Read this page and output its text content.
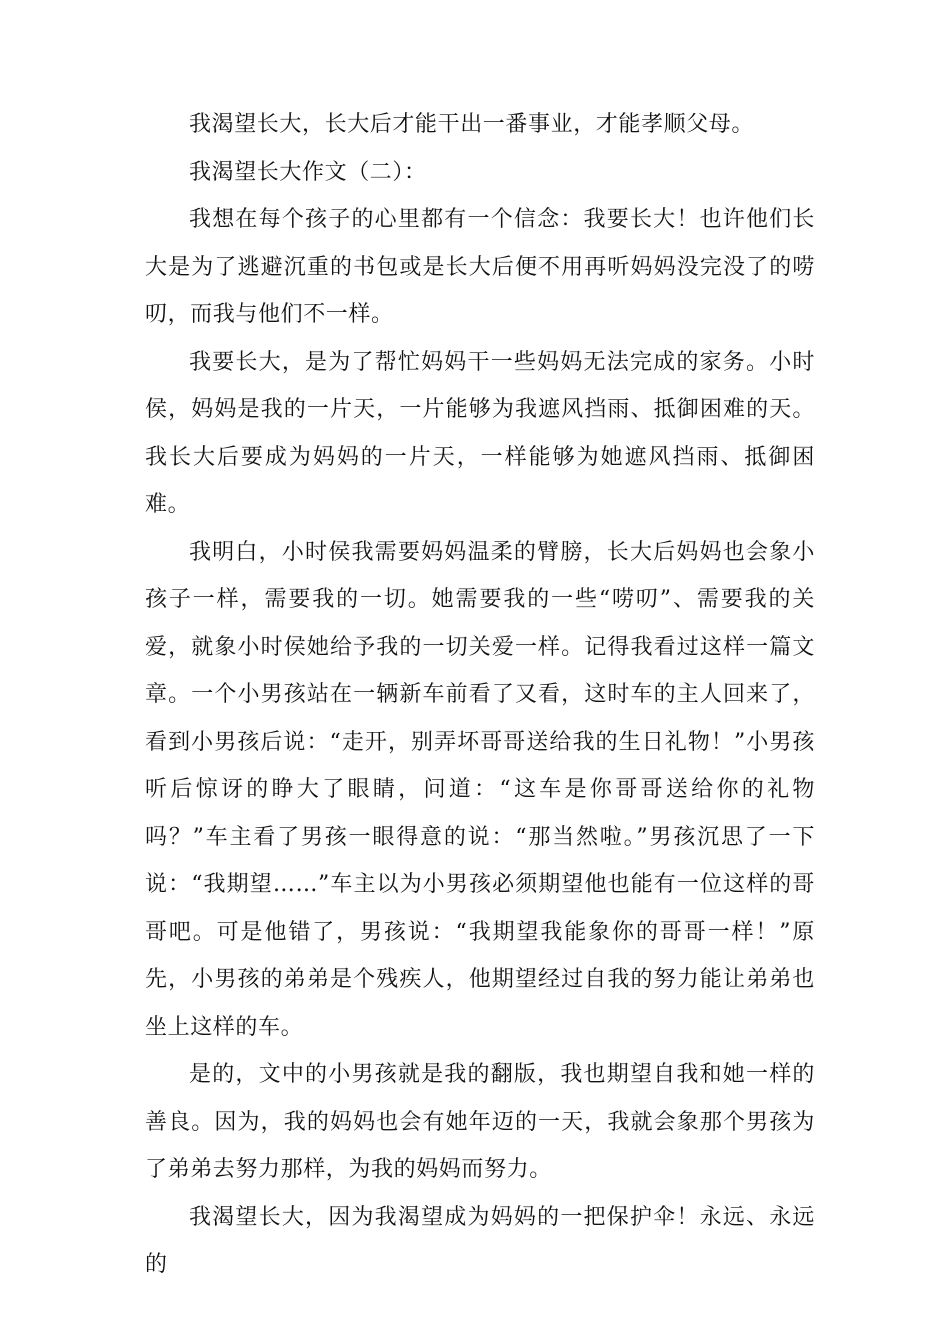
我渴望长大，长大后才能干出一番事业，才能孝顺父母。

我渴望长大作文（二）：

我想在每个孩子的心里都有一个信念：我要长大！也许他们长大是为了逃避沉重的书包或是长大后便不用再听妈妈没完没了的唠叨，而我与他们不一样。

我要长大，是为了帮忙妈妈干一些妈妈无法完成的家务。小时侯，妈妈是我的一片天，一片能够为我遮风挡雨、抵御困难的天。我长大后要成为妈妈的一片天，一样能够为她遮风挡雨、抵御困难。

我明白，小时侯我需要妈妈温柔的臂膀，长大后妈妈也会象小孩子一样，需要我的一切。她需要我的一些“唠叨”、需要我的关爱，就象小时侯她给予我的一切关爱一样。记得我看过这样一篇文章。一个小男孩站在一辆新车前看了又看，这时车的主人回来了，看到小男孩后说：“走开，别弄坏哥哥送给我的生日礼物！”小男孩听后惊讶的睁大了眼睛，问道：“这车是你哥哥送给你的礼物吗？”车主看了男孩一眼得意的说：“那当然啦。”男孩沉思了一下说：“我期望……”车主以为小男孩必须期望他也能有一位这样的哥哥吧。可是他错了，男孩说：“我期望我能象你的哥哥一样！”原先，小男孩的弟弟是个残疾人，他期望经过自我的努力能让弟弟也坐上这样的车。

是的，文中的小男孩就是我的翻版，我也期望自我和她一样的善良。因为，我的妈妈也会有她年迈的一天，我就会象那个男孩为了弟弟去努力那样，为我的妈妈而努力。

我渴望长大，因为我渴望成为妈妈的一把保护伞！永远、永远的
